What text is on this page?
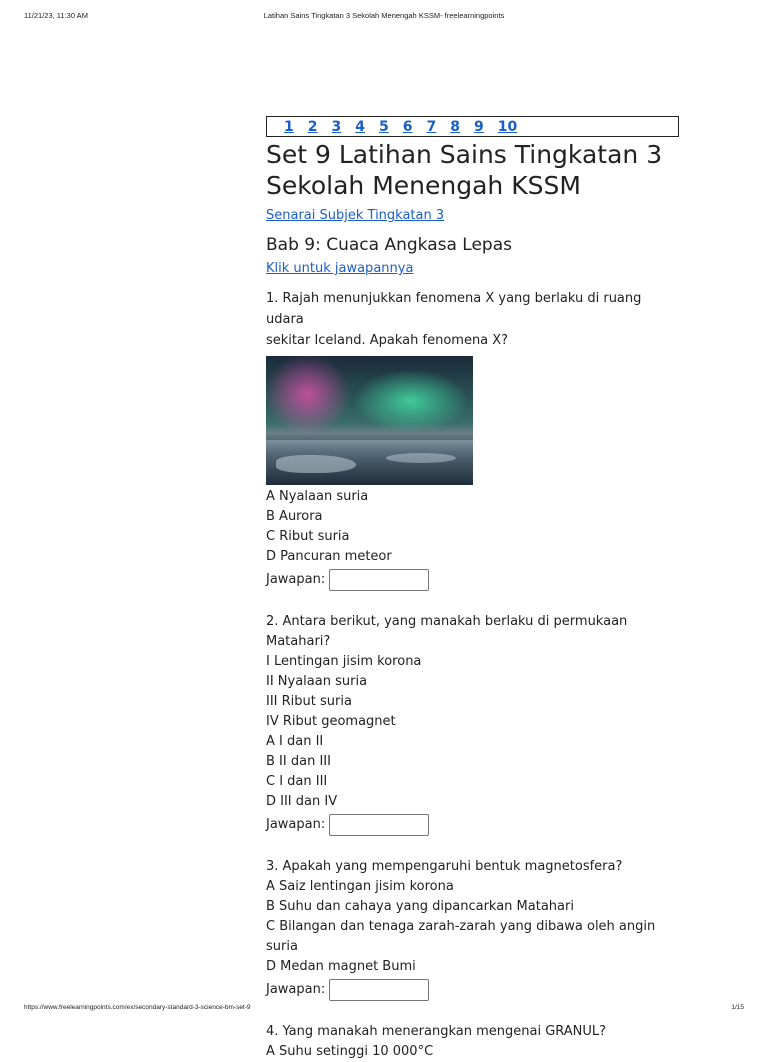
11/21/23, 11:30 AM	Latihan Sains Tingkatan 3 Sekolah Menengah KSSM- freelearningpoints
1 2 3 4 5 6 7 8 9 10
Set 9 Latihan Sains Tingkatan 3
Sekolah Menengah KSSM
Senarai Subjek Tingkatan 3
Bab 9: Cuaca Angkasa Lepas
Klik untuk jawapannya

1. Rajah menunjukkan fenomena X yang berlaku di ruang udara

sekitar Iceland. Apakah fenomena X?

A Nyalaan suria

B Aurora

C Ribut suria

D Pancuran meteor

Jawapan:

2. Antara berikut, yang manakah berlaku di permukaan Matahari?

I Lentingan jisim korona

II Nyalaan suria

III Ribut suria

IV Ribut geomagnet

A I dan II

B II dan III

C I dan III

D III dan IV

Jawapan:

3. Apakah yang mempengaruhi bentuk magnetosfera?

A Saiz lentingan jisim korona

B Suhu dan cahaya yang dipancarkan Matahari

C Bilangan dan tenaga zarah-zarah yang dibawa oleh angin suria

D Medan magnet Bumi

Jawapan:

4. Yang manakah menerangkan mengenai GRANUL?

A Suhu setinggi 10 000°C

https://www.freelearningpoints.com/ex/secondary-standard-3-science-bm-set-9	1/15
